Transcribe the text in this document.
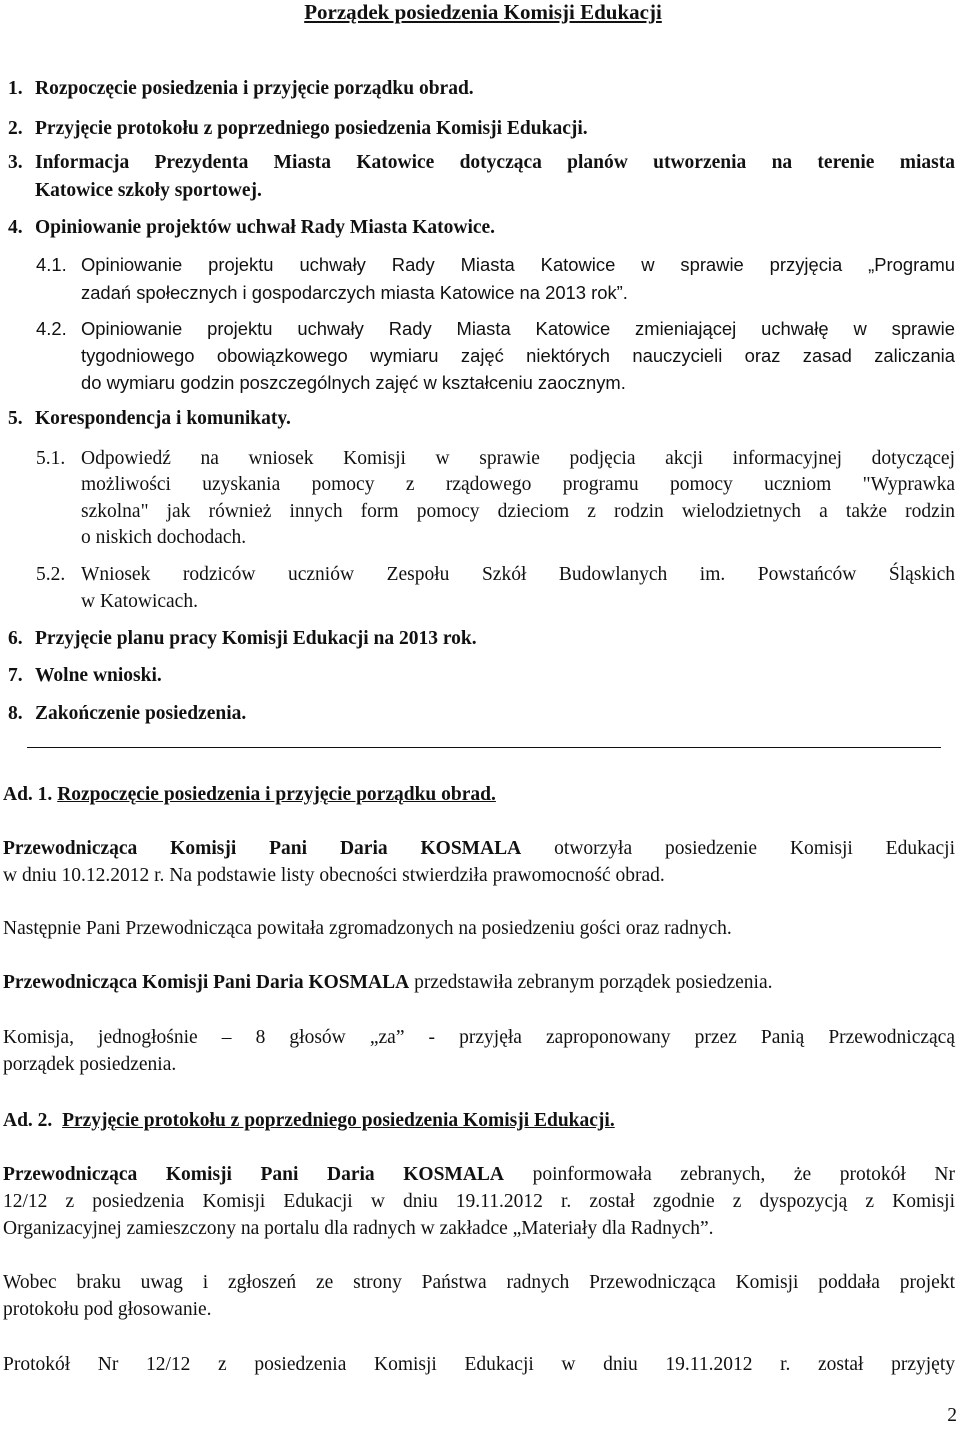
Porządek posiedzenia Komisji Edukacji
1. Rozpoczęcie posiedzenia i przyjęcie porządku obrad.
2. Przyjęcie protokołu z poprzedniego posiedzenia Komisji Edukacji.
3. Informacja Prezydenta Miasta Katowice dotycząca planów utworzenia na terenie miasta
Katowice szkoły sportowej.
4. Opiniowanie projektów uchwał Rady Miasta Katowice.
4.1. Opiniowanie projektu uchwały Rady Miasta Katowice w sprawie przyjęcia „Programu
zadań społecznych i gospodarczych miasta Katowice na 2013 rok”.
4.2. Opiniowanie projektu uchwały Rady Miasta Katowice zmieniającej uchwałę w sprawie
tygodniowego obowiązkowego wymiaru zajęć niektórych nauczycieli oraz zasad zaliczania
do wymiaru godzin poszczególnych zajęć w kształceniu zaocznym.
5. Korespondencja i komunikaty.
5.1. Odpowiedź na wniosek Komisji w sprawie podjęcia akcji informacyjnej dotyczącej
możliwości uzyskania pomocy z rządowego programu pomocy uczniom "Wyprawka
szkolna" jak również innych form pomocy dzieciom z rodzin wielodzietnych a także rodzin
o niskich dochodach.
5.2. Wniosek rodziców uczniów Zespołu Szkół Budowlanych im. Powstańców Śląskich
w Katowicach.
6. Przyjęcie planu pracy Komisji Edukacji na 2013 rok.
7. Wolne wnioski.
8. Zakończenie posiedzenia.
Ad. 1. Rozpoczęcie posiedzenia i przyjęcie porządku obrad.
Przewodnicząca Komisji Pani Daria KOSMALA otworzyła posiedzenie Komisji Edukacji
w dniu 10.12.2012 r. Na podstawie listy obecności stwierdziła prawomocność obrad.
Następnie Pani Przewodnicząca powitała zgromadzonych na posiedzeniu gości oraz radnych.
Przewodnicząca Komisji Pani Daria KOSMALA przedstawiła zebranym porządek posiedzenia.
Komisja, jednogłośnie – 8 głosów „za” - przyjęła zaproponowany przez Panią Przewodniczącą
porządek posiedzenia.
Ad. 2. Przyjęcie protokołu z poprzedniego posiedzenia Komisji Edukacji.
Przewodnicząca Komisji Pani Daria KOSMALA poinformowała zebranych, że protokół Nr
12/12 z posiedzenia Komisji Edukacji w dniu 19.11.2012 r. został zgodnie z dyspozycją z Komisji
Organizacyjnej zamieszczony na portalu dla radnych w zakładce „Materiały dla Radnych”.
Wobec braku uwag i zgłoszeń ze strony Państwa radnych Przewodnicząca Komisji poddała projekt
protokołu pod głosowanie.
Protokół Nr 12/12 z posiedzenia Komisji Edukacji w dniu 19.11.2012 r. został przyjęty
2
